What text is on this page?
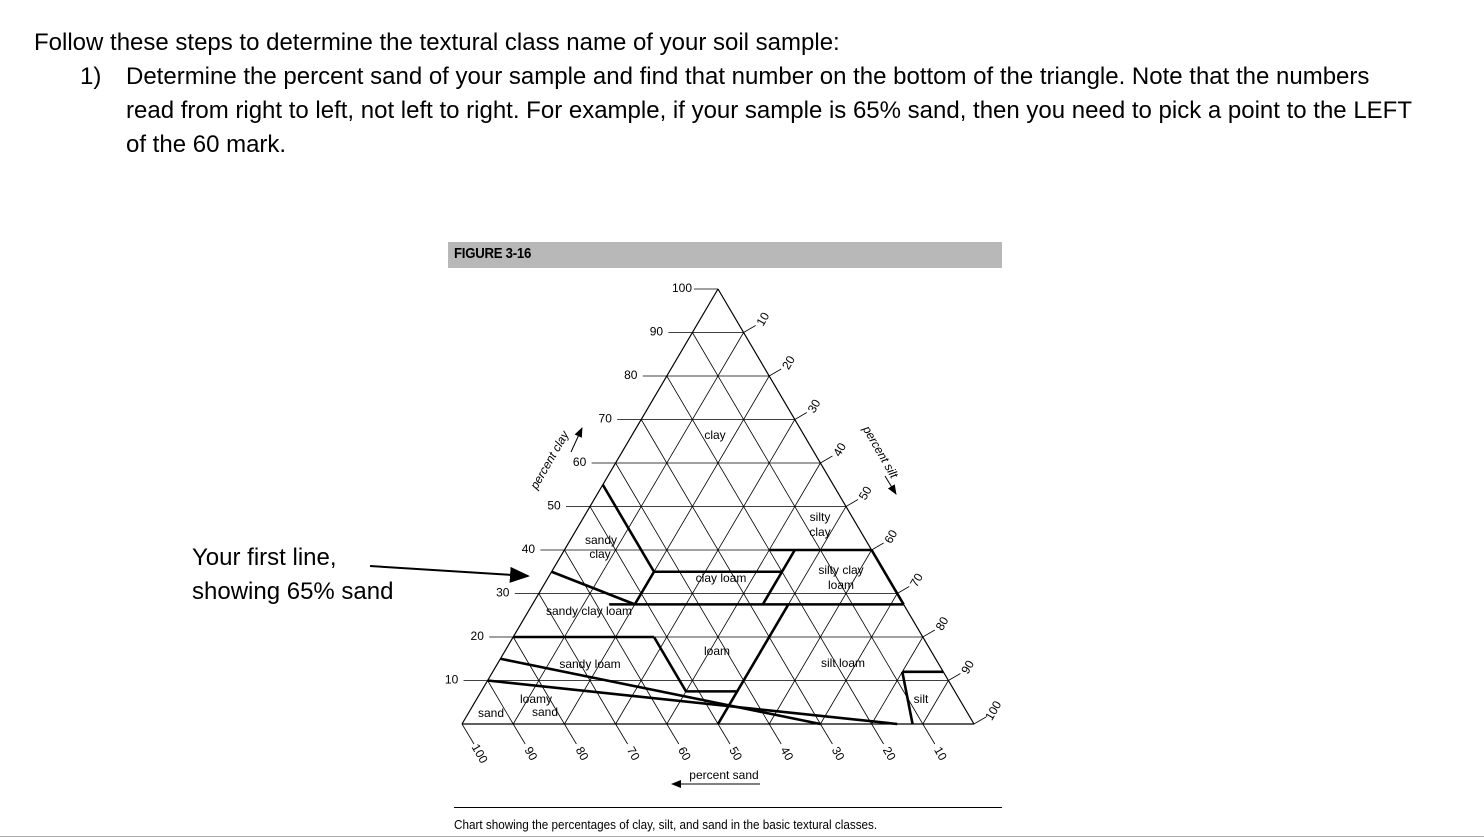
Follow these steps to determine the textural class name of your soil sample:
1) Determine the percent sand of your sample and find that number on the bottom of the triangle. Note that the numbers read from right to left, not left to right. For example, if your sample is 65% sand, then you need to pick a point to the LEFT of the 60 mark.
Your first line,
showing 65% sand
FIGURE 3-16
10
20
30
40
50
60
70
80
90
100
10
20
30
40
50
60
70
80
90
100
100	90	80	70	60	50	40	30	20	10
clay
sandy
clay
silty
clay
clay loam
silty clay
loam
sandy clay loam
loam
sandy loam	silt loam
loamy
sand
sand
silt
percent clay	percent silt
percent sand
Chart showing the percentages of clay, silt, and sand in the basic textural classes.
